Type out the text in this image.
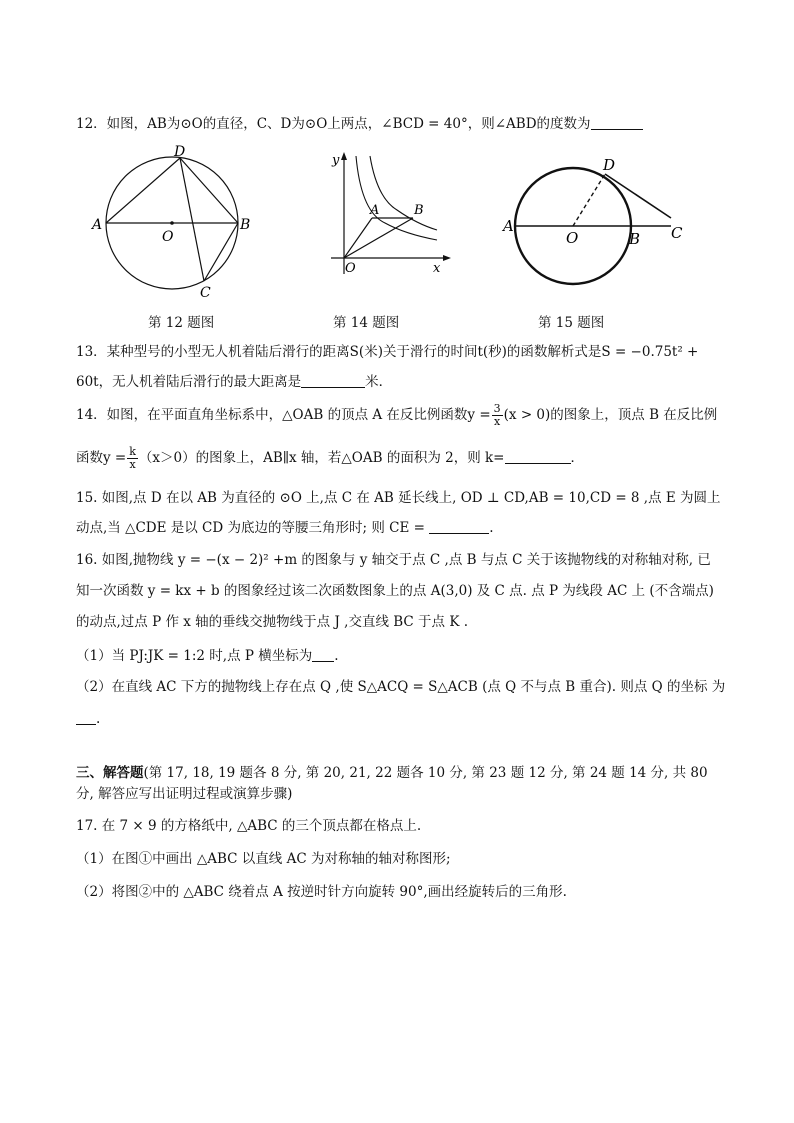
12．如图，AB为⊙O的直径，C、D为⊙O上两点，∠BCD = 40°，则∠ABD的度数为
D
A
O
B
C
第 12 题图
y
A	B
O	x
第 14 题图
D
A
O	B C
第 15 题图
13．某种型号的小型无人机着陆后滑行的距离S(米)关于滑行的时间t(秒)的函数解析式是S = −0.75t² +
60t，无人机着陆后滑行的最大距离是	米．
14．如图，在平面直角坐标系中，△OAB 的顶点 A 在反比例函数$y = \frac{3}{x} (x > 0)$的图象上，顶点 B 在反比例
函数$y = \frac{k}{x} (x>0)$的图象上，AB∥x 轴，若△OAB 的面积为 2，则 k=	．
15. 如图,点 D 在以 AB 为直径的 ⊙O 上,点 C 在 AB 延长线上, OD ⊥ CD,AB = 10,CD = 8 ,点 E 为圆上
动点,当 △CDE 是以 CD 为底边的等腰三角形时; 则 CE =	.
16. 如图,抛物线 y = −(x − 2)² +m 的图象与 y 轴交于点 C ,点 B 与点 C 关于该抛物线的对称轴对称, 已
知一次函数 y = kx + b 的图象经过该二次函数图象上的点 A(3,0) 及 C 点. 点 P 为线段 AC 上 (不含端点)
的动点,过点 P 作 x 轴的垂线交抛物线于点 J ,交直线 BC 于点 K .
（1）当 PJ:JK = 1:2 时,点 P 横坐标为 .
（2）在直线 AC 下方的抛物线上存在点 Q ,使 S△ACQ = S△ACB (点 Q 不与点 B 重合). 则点 Q 的坐标 为
.
三、解答题(第 17, 18, 19 题各 8 分, 第 20, 21, 22 题各 10 分, 第 23 题 12 分, 第 24 题 14 分, 共 80
分, 解答应写出证明过程或演算步骤)
17. 在 7 × 9 的方格纸中, △ABC 的三个顶点都在格点上.
（1）在图①中画出 △ABC 以直线 AC 为对称轴的轴对称图形;
（2）将图②中的 △ABC 绕着点 A 按逆时针方向旋转 90°,画出经旋转后的三角形.
